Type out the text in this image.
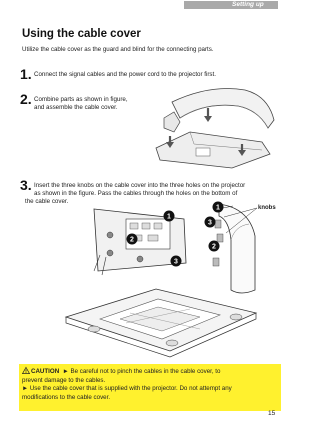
Setting up
Using the cable cover
Utilize the cable cover as the guard and blind for the connecting parts.
1. Connect the signal cables and the power cord to the projector first.
2. Combine parts as shown in figure,
and assemble the cable cover.
3. Insert the three knobs on the cable cover into the three holes on the projector
as shown in the figure. Pass the cables through the holes on the bottom of
the cable cover.
1
2
3
1
3
2
knobs
CAUTION ► Be careful not to pinch the cables in the cable cover, to
prevent damage to the cables.
► Use the cable cover that is supplied with the projector. Do not attempt any
modifications to the cable cover.
15
